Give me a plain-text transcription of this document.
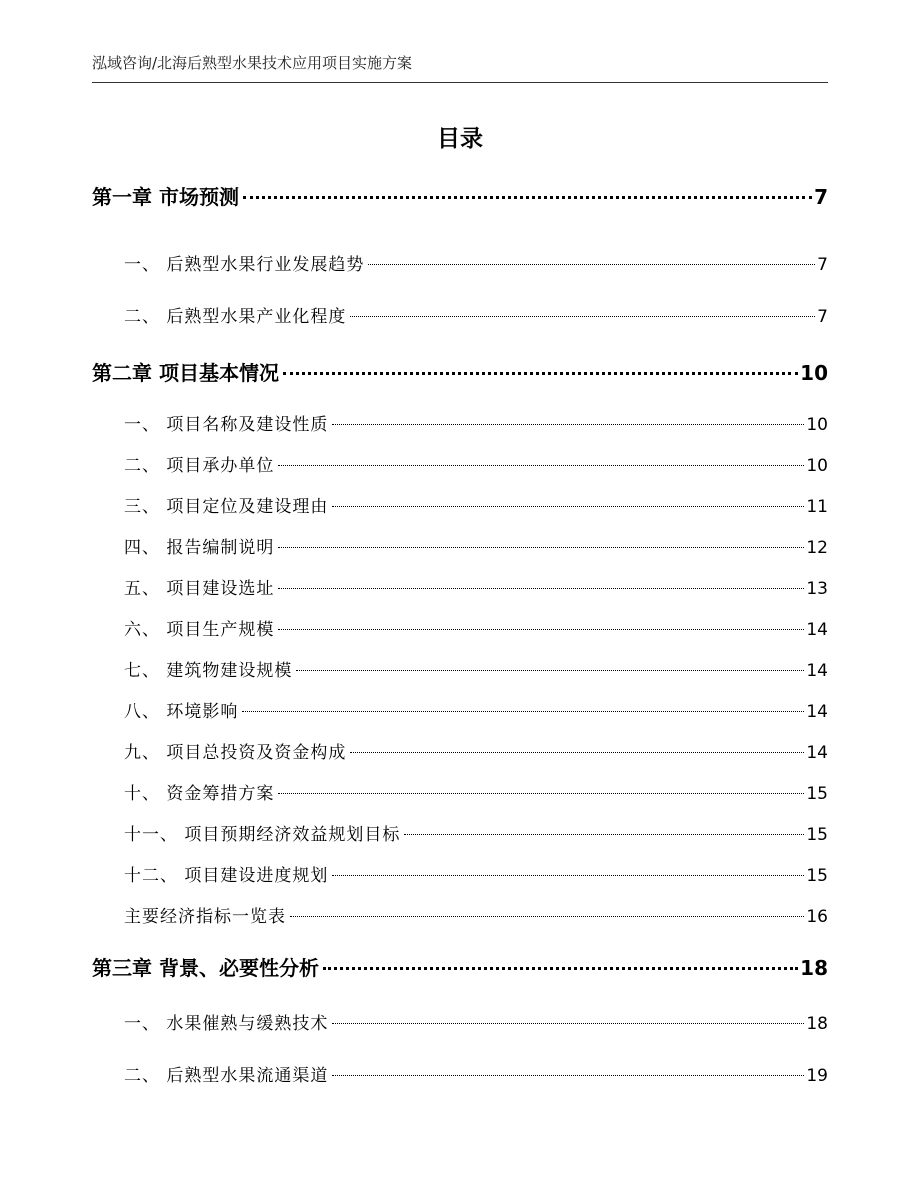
泓域咨询/北海后熟型水果技术应用项目实施方案
目录
第一章 市场预测	7
一、 后熟型水果行业发展趋势	7
二、 后熟型水果产业化程度	7
第二章 项目基本情况	10
一、 项目名称及建设性质	10
二、 项目承办单位	10
三、 项目定位及建设理由	11
四、 报告编制说明	12
五、 项目建设选址	13
六、 项目生产规模	14
七、 建筑物建设规模	14
八、 环境影响	14
九、 项目总投资及资金构成	14
十、 资金筹措方案	15
十一、 项目预期经济效益规划目标	15
十二、 项目建设进度规划	15
主要经济指标一览表	16
第三章 背景、必要性分析	18
一、 水果催熟与缓熟技术	18
二、 后熟型水果流通渠道	19
